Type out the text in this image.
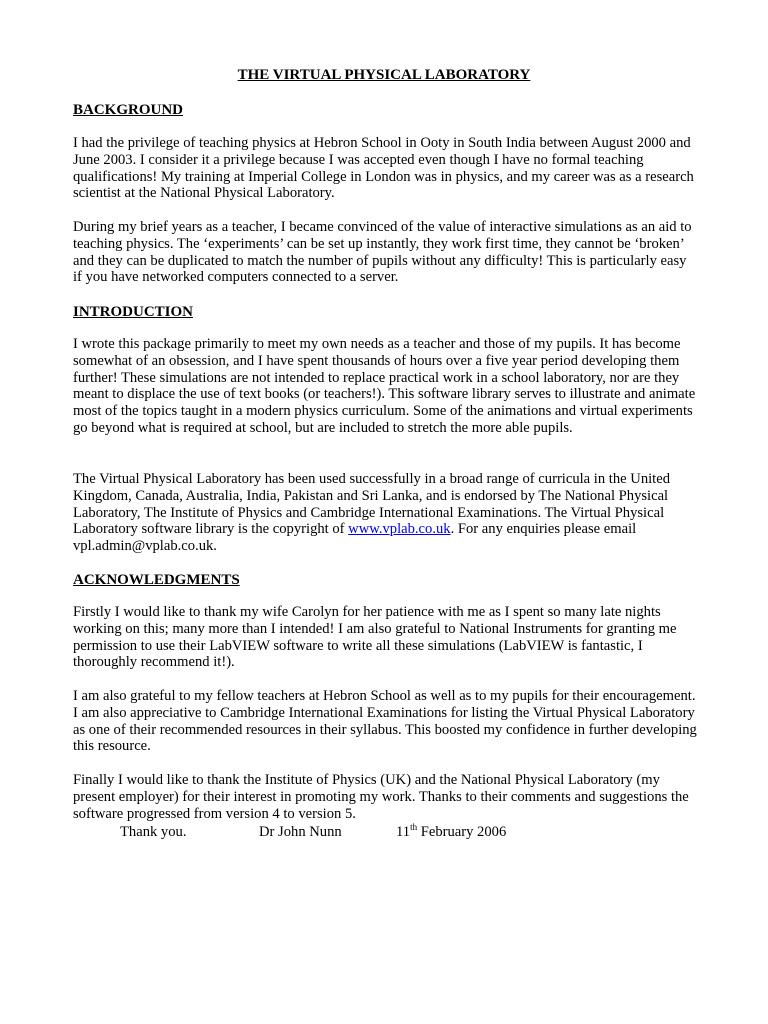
THE VIRTUAL PHYSICAL LABORATORY
BACKGROUND

I had the privilege of teaching physics at Hebron School in Ooty in South India between August 2000 and June 2003. I consider it a privilege because I was accepted even though I have no formal teaching qualifications! My training at Imperial College in London was in physics, and my career was as a research scientist at the National Physical Laboratory.

During my brief years as a teacher, I became convinced of the value of interactive simulations as an aid to teaching physics. The ‘experiments’ can be set up instantly, they work first time, they cannot be ‘broken’ and they can be duplicated to match the number of pupils without any difficulty! This is particularly easy if you have networked computers connected to a server.

INTRODUCTION

I wrote this package primarily to meet my own needs as a teacher and those of my pupils. It has become somewhat of an obsession, and I have spent thousands of hours over a five year period developing them further! These simulations are not intended to replace practical work in a school laboratory, nor are they meant to displace the use of text books (or teachers!). This software library serves to illustrate and animate most of the topics taught in a modern physics curriculum. Some of the animations and virtual experiments go beyond what is required at school, but are included to stretch the more able pupils.

The Virtual Physical Laboratory has been used successfully in a broad range of curricula in the United Kingdom, Canada, Australia, India, Pakistan and Sri Lanka, and is endorsed by The National Physical Laboratory, The Institute of Physics and Cambridge International Examinations. The Virtual Physical Laboratory software library is the copyright of www.vplab.co.uk. For any enquiries please email vpl.admin@vplab.co.uk.

ACKNOWLEDGMENTS

Firstly I would like to thank my wife Carolyn for her patience with me as I spent so many late nights working on this; many more than I intended! I am also grateful to National Instruments for granting me permission to use their LabVIEW software to write all these simulations (LabVIEW is fantastic, I thoroughly recommend it!).

I am also grateful to my fellow teachers at Hebron School as well as to my pupils for their encouragement. I am also appreciative to Cambridge International Examinations for listing the Virtual Physical Laboratory as one of their recommended resources in their syllabus. This boosted my confidence in further developing this resource.

Finally I would like to thank the Institute of Physics (UK) and the National Physical Laboratory (my present employer) for their interest in promoting my work. Thanks to their comments and suggestions the software progressed from version 4 to version 5.

Thank you.	Dr John Nunn	11th February 2006
